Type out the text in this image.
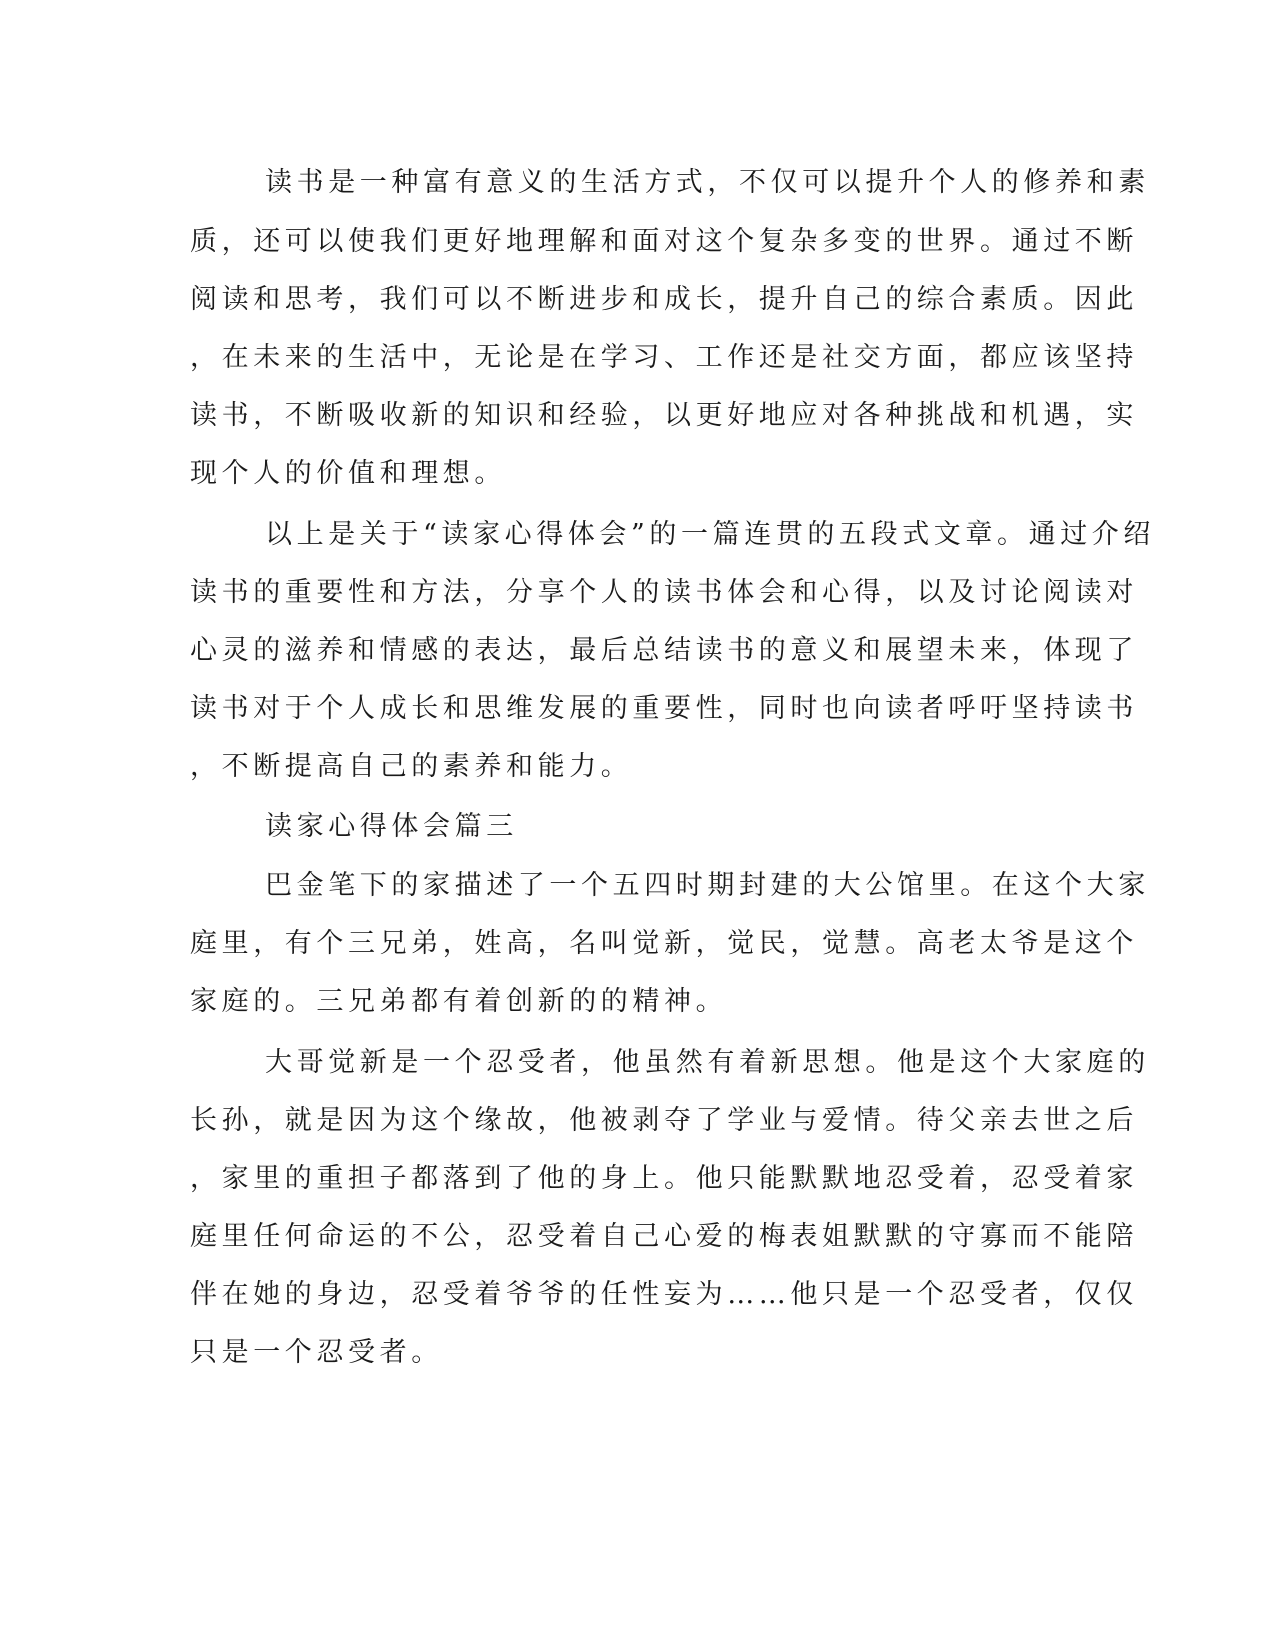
读书是一种富有意义的生活方式，不仅可以提升个人的修养和素
质，还可以使我们更好地理解和面对这个复杂多变的世界。通过不断
阅读和思考，我们可以不断进步和成长，提升自己的综合素质。因此
，在未来的生活中，无论是在学习、工作还是社交方面，都应该坚持
读书，不断吸收新的知识和经验，以更好地应对各种挑战和机遇，实
现个人的价值和理想。
以上是关于“读家心得体会”的一篇连贯的五段式文章。通过介绍
读书的重要性和方法，分享个人的读书体会和心得，以及讨论阅读对
心灵的滋养和情感的表达，最后总结读书的意义和展望未来，体现了
读书对于个人成长和思维发展的重要性，同时也向读者呼吁坚持读书
，不断提高自己的素养和能力。
读家心得体会篇三
巴金笔下的家描述了一个五四时期封建的大公馆里。在这个大家
庭里，有个三兄弟，姓高，名叫觉新，觉民，觉慧。高老太爷是这个
家庭的。三兄弟都有着创新的的精神。
大哥觉新是一个忍受者，他虽然有着新思想。他是这个大家庭的
长孙，就是因为这个缘故，他被剥夺了学业与爱情。待父亲去世之后
，家里的重担子都落到了他的身上。他只能默默地忍受着，忍受着家
庭里任何命运的不公，忍受着自己心爱的梅表姐默默的守寡而不能陪
伴在她的身边，忍受着爷爷的任性妄为……他只是一个忍受者，仅仅
只是一个忍受者。
